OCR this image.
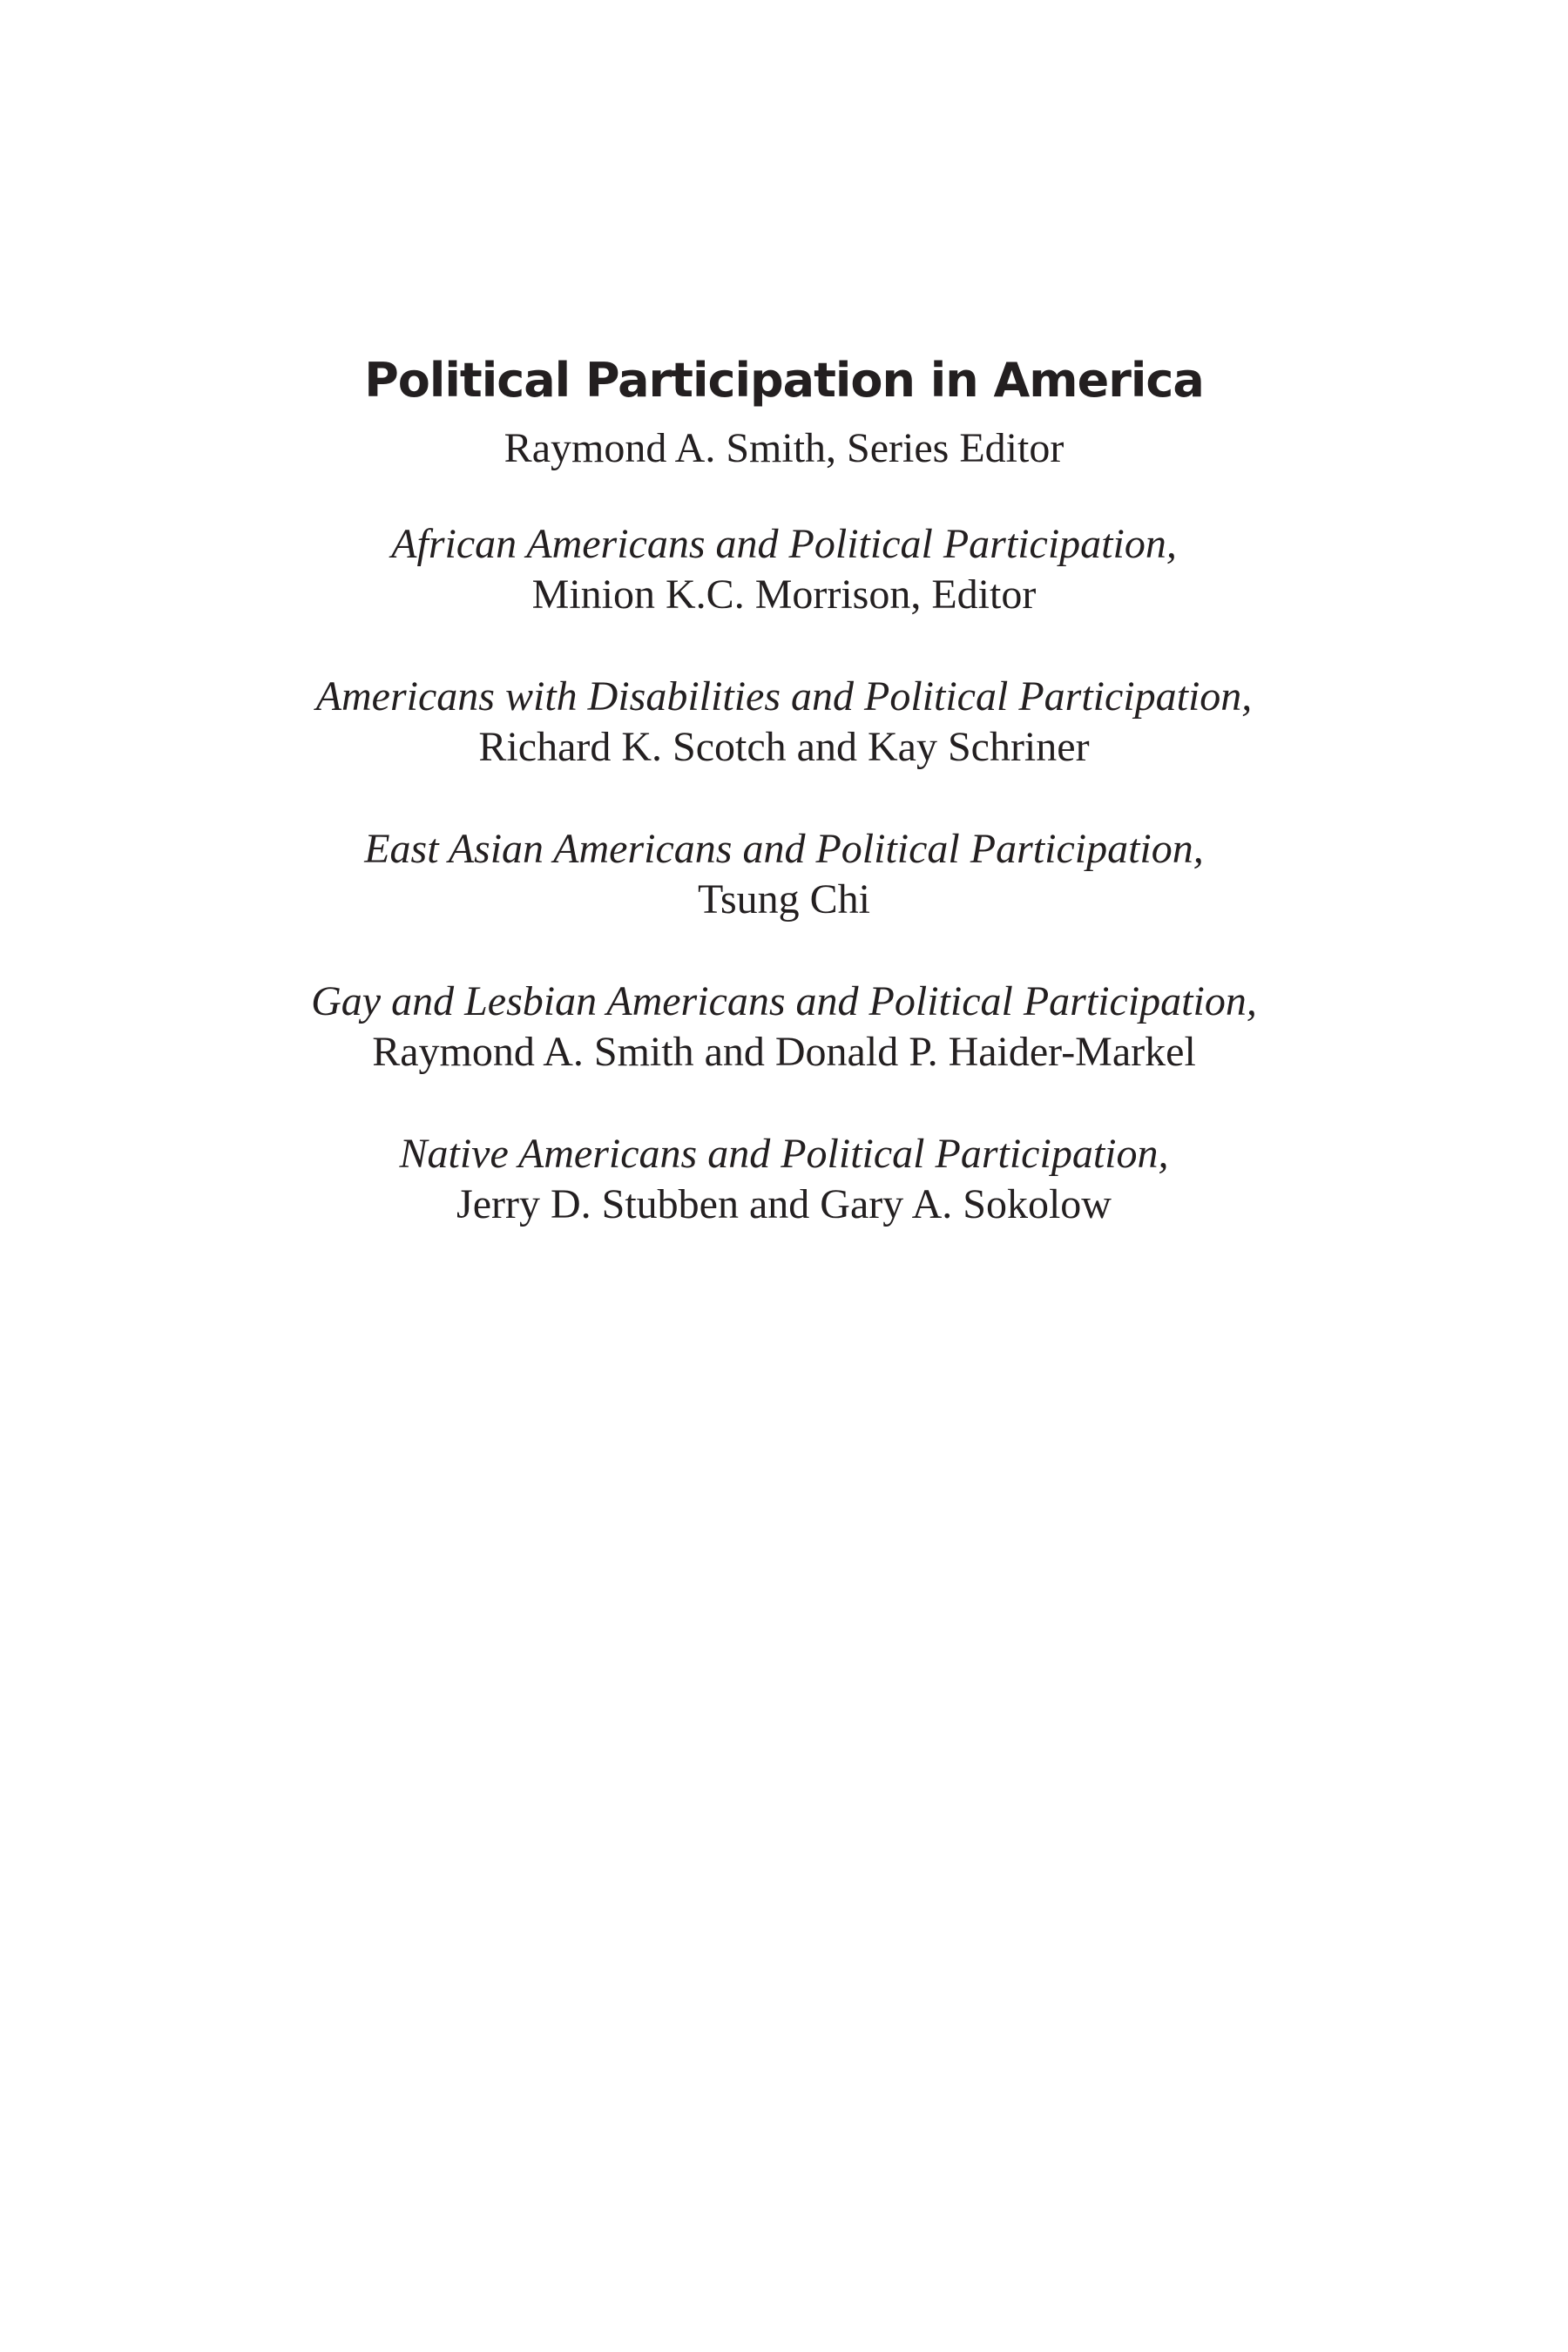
Political Participation in America
Raymond A. Smith, Series Editor
African Americans and Political Participation,
Minion K.C. Morrison, Editor
Americans with Disabilities and Political Participation,
Richard K. Scotch and Kay Schriner
East Asian Americans and Political Participation,
Tsung Chi
Gay and Lesbian Americans and Political Participation,
Raymond A. Smith and Donald P. Haider-Markel
Native Americans and Political Participation,
Jerry D. Stubben and Gary A. Sokolow
